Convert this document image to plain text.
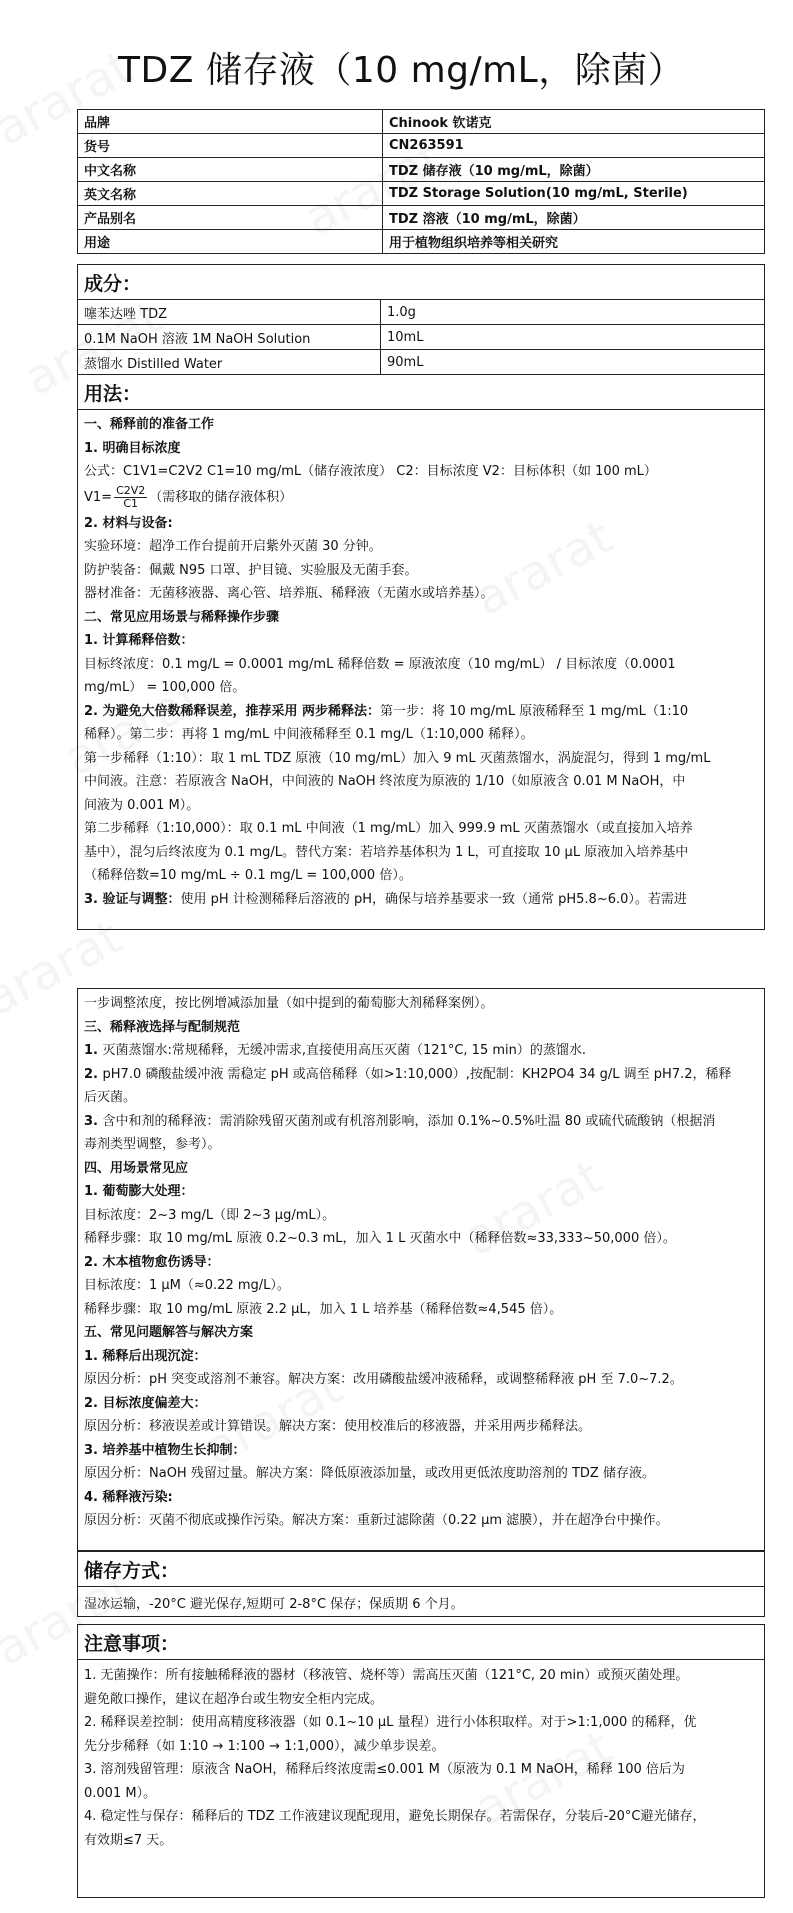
TDZ 储存液（10 mg/mL，除菌）
品牌	Chinook 钦诺克
货号	CN263591
中文名称	TDZ 储存液（10 mg/mL，除菌）
英文名称	TDZ Storage Solution(10 mg/mL, Sterile)
产品别名	TDZ 溶液（10 mg/mL，除菌）
用途	用于植物组织培养等相关研究
成分：
噻苯达唑 TDZ	1.0g
0.1M NaOH 溶液 1M NaOH Solution	10mL
蒸馏水 Distilled Water	90mL
用法：
一、稀释前的准备工作
1. 明确目标浓度
公式：C1V1=C2V2 C1=10 mg/mL（储存液浓度） C2：目标浓度 V2：目标体积（如 100 mL）
$V1= \frac{C2V2}{C1}$ （需移取的储存液体积）
2. 材料与设备:
实验环境：超净工作台提前开启紫外灭菌 30 分钟。
防护装备：佩戴 N95 口罩、护目镜、实验服及无菌手套。
器材准备：无菌移液器、离心管、培养瓶、稀释液（无菌水或培养基）。
二、常见应用场景与稀释操作步骤
1. 计算稀释倍数：
目标终浓度：0.1 mg/L = 0.0001 mg/mL 稀释倍数 = 原液浓度（10 mg/mL） / 目标浓度（0.0001
mg/mL） = 100,000 倍。
2. 为避免大倍数稀释误差，推荐采用 两步稀释法：第一步：将 10 mg/mL 原液稀释至 1 mg/mL（1:10
稀释）。第二步：再将 1 mg/mL 中间液稀释至 0.1 mg/L（1:10,000 稀释）。
第一步稀释（1:10）：取 1 mL TDZ 原液（10 mg/mL）加入 9 mL 灭菌蒸馏水，涡旋混匀，得到 1 mg/mL
中间液。注意：若原液含 NaOH，中间液的 NaOH 终浓度为原液的 1/10（如原液含 0.01 M NaOH，中
间液为 0.001 M）。
第二步稀释（1:10,000）：取 0.1 mL 中间液（1 mg/mL）加入 999.9 mL 灭菌蒸馏水（或直接加入培养
基中），混匀后终浓度为 0.1 mg/L。替代方案：若培养基体积为 1 L，可直接取 10 μL 原液加入培养基中
（稀释倍数=10 mg/mL ÷ 0.1 mg/L = 100,000 倍）。
3. 验证与调整：使用 pH 计检测稀释后溶液的 pH，确保与培养基要求一致（通常 pH5.8~6.0）。若需进
一步调整浓度，按比例增减添加量（如中提到的葡萄膨大剂稀释案例）。
三、稀释液选择与配制规范
1. 灭菌蒸馏水:常规稀释，无缓冲需求,直接使用高压灭菌（121°C, 15 min）的蒸馏水.
2. pH7.0 磷酸盐缓冲液 需稳定 pH 或高倍稀释（如>1:10,000）,按配制：KH2PO4 34 g/L 调至 pH7.2，稀释
后灭菌。
3. 含中和剂的稀释液：需消除残留灭菌剂或有机溶剂影响，添加 0.1%~0.5%吐温 80 或硫代硫酸钠（根据消
毒剂类型调整，参考）。
四、用场景常见应
1. 葡萄膨大处理：
目标浓度：2~3 mg/L（即 2~3 μg/mL）。
稀释步骤：取 10 mg/mL 原液 0.2~0.3 mL，加入 1 L 灭菌水中（稀释倍数≈33,333~50,000 倍）。
2. 木本植物愈伤诱导：
目标浓度：1 μM（≈0.22 mg/L）。
稀释步骤：取 10 mg/mL 原液 2.2 μL，加入 1 L 培养基（稀释倍数≈4,545 倍）。
五、常见问题解答与解决方案
1. 稀释后出现沉淀：
原因分析：pH 突变或溶剂不兼容。解决方案：改用磷酸盐缓冲液稀释，或调整稀释液 pH 至 7.0~7.2。
2. 目标浓度偏差大：
原因分析：移液误差或计算错误。解决方案：使用校准后的移液器，并采用两步稀释法。
3. 培养基中植物生长抑制：
原因分析：NaOH 残留过量。解决方案：降低原液添加量，或改用更低浓度助溶剂的 TDZ 储存液。
4. 稀释液污染:
原因分析：灭菌不彻底或操作污染。解决方案：重新过滤除菌（0.22 μm 滤膜），并在超净台中操作。
储存方式：
湿冰运输，-20°C 避光保存,短期可 2-8°C 保存；保质期 6 个月。
注意事项：
1. 无菌操作：所有接触稀释液的器材（移液管、烧杯等）需高压灭菌（121°C, 20 min）或预灭菌处理。
避免敞口操作，建议在超净台或生物安全柜内完成。
2. 稀释误差控制：使用高精度移液器（如 0.1~10 μL 量程）进行小体积取样。对于>1:1,000 的稀释，优
先分步稀释（如 1:10 → 1:100 → 1:1,000），减少单步误差。
3. 溶剂残留管理：原液含 NaOH，稀释后终浓度需≤0.001 M（原液为 0.1 M NaOH，稀释 100 倍后为
0.001 M）。
4. 稳定性与保存：稀释后的 TDZ 工作液建议现配现用，避免长期保存。若需保存，分装后-20°C避光储存，
有效期≤7 天。
